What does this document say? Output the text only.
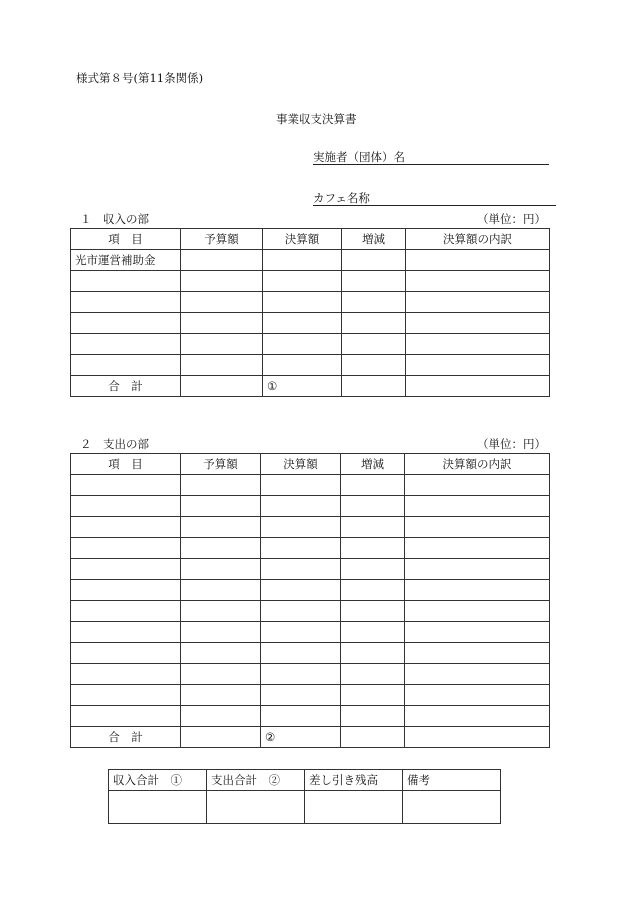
様式第８号(第11条関係)
事業収支決算書
実施者（団体）名
カフェ名称
１　収入の部	（単位：円）
項　目	予算額	決算額	増減	決算額の内訳
光市運営補助金				

合　計		①		
２　支出の部	（単位：円）
項　目	予算額	決算額	増減	決算額の内訳

合　計		②		
収入合計　①	支出合計　②	差し引き残高	備考
